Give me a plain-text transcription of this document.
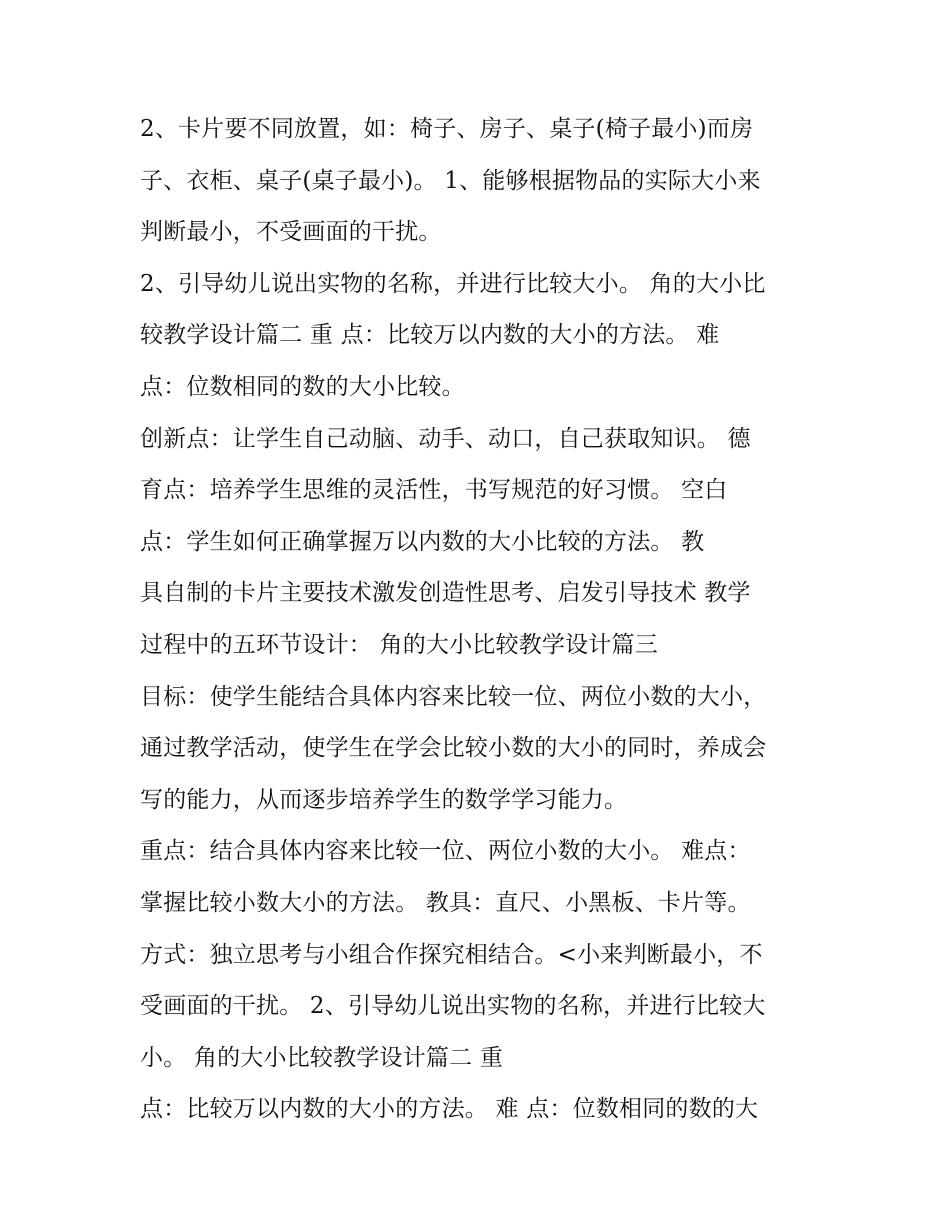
2、卡片要不同放置，如：椅子、房子、桌子(椅子最小)而房
子、衣柜、桌子(桌子最小)。 1、能够根据物品的实际大小来
判断最小，不受画面的干扰。
2、引导幼儿说出实物的名称，并进行比较大小。 角的大小比
较教学设计篇二 重 点：比较万以内数的大小的方法。 难
点：位数相同的数的大小比较。
创新点：让学生自己动脑、动手、动口，自己获取知识。 德
育点：培养学生思维的灵活性，书写规范的好习惯。 空白
点：学生如何正确掌握万以内数的大小比较的方法。 教
具自制的卡片主要技术激发创造性思考、启发引导技术 教学
过程中的五环节设计： 角的大小比较教学设计篇三
目标：使学生能结合具体内容来比较一位、两位小数的大小，
通过教学活动，使学生在学会比较小数的大小的同时，养成会
写的能力，从而逐步培养学生的数学学习能力。
重点：结合具体内容来比较一位、两位小数的大小。 难点：
掌握比较小数大小的方法。 教具：直尺、小黑板、卡片等。
方式：独立思考与小组合作探究相结合。<小来判断最小，不
受画面的干扰。 2、引导幼儿说出实物的名称，并进行比较大
小。 角的大小比较教学设计篇二 重
点：比较万以内数的大小的方法。 难 点：位数相同的数的大
